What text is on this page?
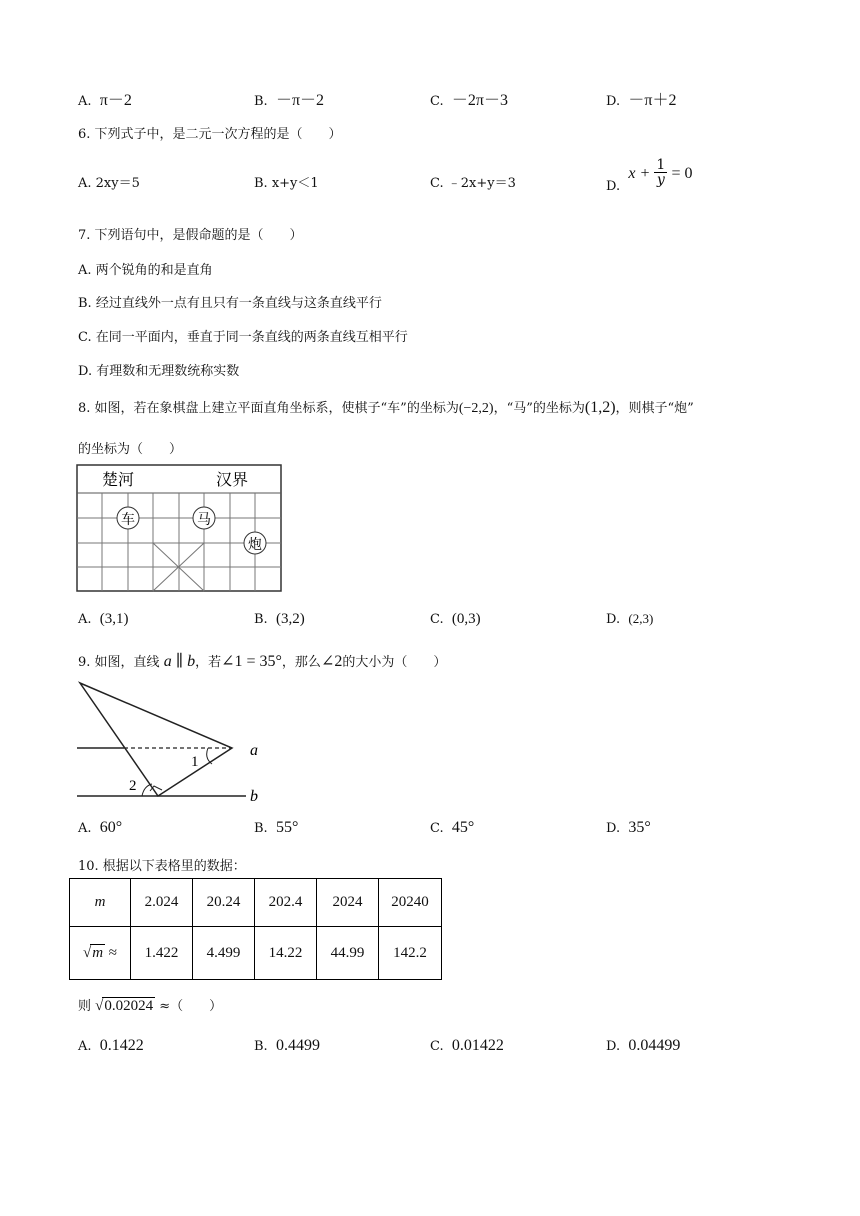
A. π－2	B. －π－2	C. －2π－3	D. －π＋2
6. 下列式子中，是二元一次方程的是（　　）
A. 2xy＝5	B. x+y＜1	C. ﹣2x+y＝3	D.  $x + \frac{1}{y} = 0$
7. 下列语句中，是假命题的是（　　）
A. 两个锐角的和是直角
B. 经过直线外一点有且只有一条直线与这条直线平行
C. 在同一平面内，垂直于同一条直线的两条直线互相平行
D. 有理数和无理数统称实数
8. 如图，若在象棋盘上建立平面直角坐标系，使棋子“车”的坐标为(−2,2)，“马”的坐标为(1,2)，则棋子“炮”
的坐标为（　　）
楚河	汉界
车	马
炮
A. (3,1)	B. (3,2)	C. (0,3)	D. (2,3)
9. 如图，直线 a ∥ b，若∠1 = 35°，那么∠2的大小为（　　）
a
b
1
2
A. 60°	B. 55°	C. 45°	D. 35°
10. 根据以下表格里的数据：
m	2.024	20.24	202.4	2024	20240
√m ≈	1.422	4.499	14.22	44.99	142.2
则 √0.02024 ≈（　　）
A. 0.1422	B. 0.4499	C. 0.01422	D. 0.04499
